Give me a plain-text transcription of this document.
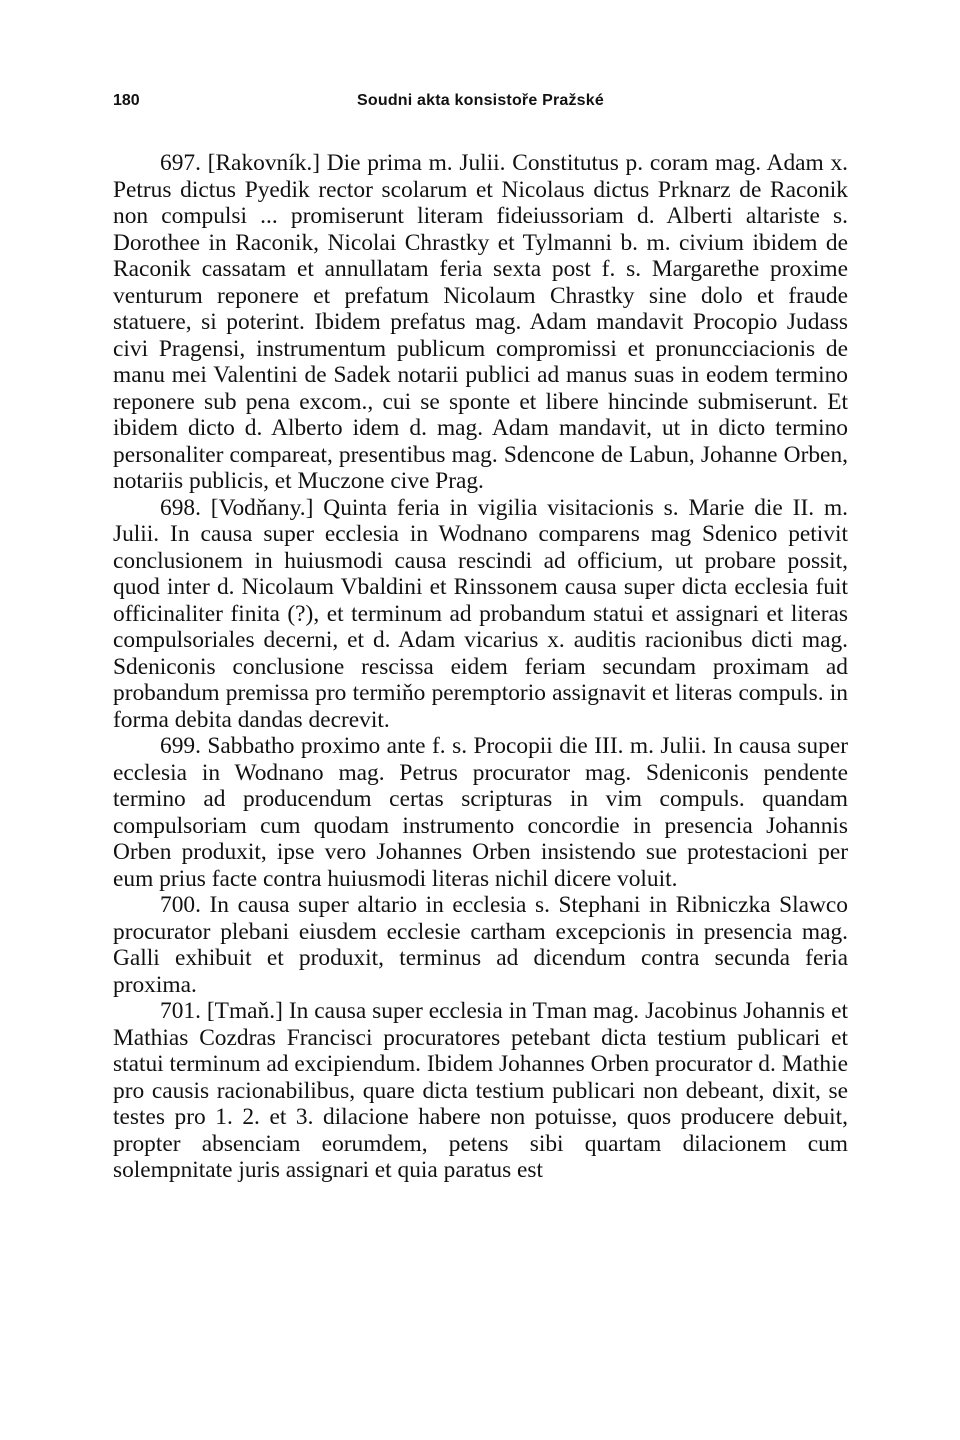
180	Soudni akta konsistoře Pražské

697. [Rakovník.] Die prima m. Julii. Constitutus p. coram mag. Adam x. Petrus dictus Pyedik rector scolarum et Nicolaus dictus Prknarz de Raconik non compulsi ... promiserunt literam fideiussoriam d. Alberti altariste s. Dorothee in Raconik, Nicolai Chrastky et Tylmanni b. m. civium ibidem de Raconik cassatam et annullatam feria sexta post f. s. Margarethe proxime venturum reponere et prefatum Nicolaum Chrastky sine dolo et fraude statuere, si poterint. Ibidem prefatus mag. Adam mandavit Procopio Judass civi Pragensi, instrumentum publicum compromissi et pronuncciacionis de manu mei Valentini de Sadek notarii publici ad manus suas in eodem termino reponere sub pena excom., cui se sponte et libere hincinde submiserunt. Et ibidem dicto d. Alberto idem d. mag. Adam mandavit, ut in dicto termino personaliter compareat, presentibus mag. Sdencone de Labun, Johanne Orben, notariis publicis, et Muczone cive Prag.

698. [Vodňany.] Quinta feria in vigilia visitacionis s. Marie die II. m. Julii. In causa super ecclesia in Wodnano comparens mag Sdenico petivit conclusionem in huiusmodi causa rescindi ad officium, ut probare possit, quod inter d. Nicolaum Vbaldini et Rinssonem causa super dicta ecclesia fuit officinaliter finita (?), et terminum ad probandum statui et assignari et literas compulsoriales decerni, et d. Adam vicarius x. auditis racionibus dicti mag. Sdeniconis conclusione rescissa eidem feriam secundam proximam ad probandum premissa pro termiňo peremptorio assignavit et literas compuls. in forma debita dandas decrevit.

699. Sabbatho proximo ante f. s. Procopii die III. m. Julii. In causa super ecclesia in Wodnano mag. Petrus procurator mag. Sdeniconis pendente termino ad producendum certas scripturas in vim compuls. quandam compulsoriam cum quodam instrumento concordie in presencia Johannis Orben produxit, ipse vero Johannes Orben insistendo sue protestacioni per eum prius facte contra huiusmodi literas nichil dicere voluit.

700. In causa super altario in ecclesia s. Stephani in Ribniczka Slawco procurator plebani eiusdem ecclesie cartham excepcionis in presencia mag. Galli exhibuit et produxit, terminus ad dicendum contra secunda feria proxima.

701. [Tmaň.] In causa super ecclesia in Tman mag. Jacobinus Johannis et Mathias Cozdras Francisci procuratores petebant dicta testium publicari et statui terminum ad excipiendum. Ibidem Johannes Orben procurator d. Mathie pro causis racionabilibus, quare dicta testium publicari non debeant, dixit, se testes pro 1. 2. et 3. dilacione habere non potuisse, quos producere debuit, propter absenciam eorumdem, petens sibi quartam dilacionem cum solempnitate juris assignari et quia paratus est
